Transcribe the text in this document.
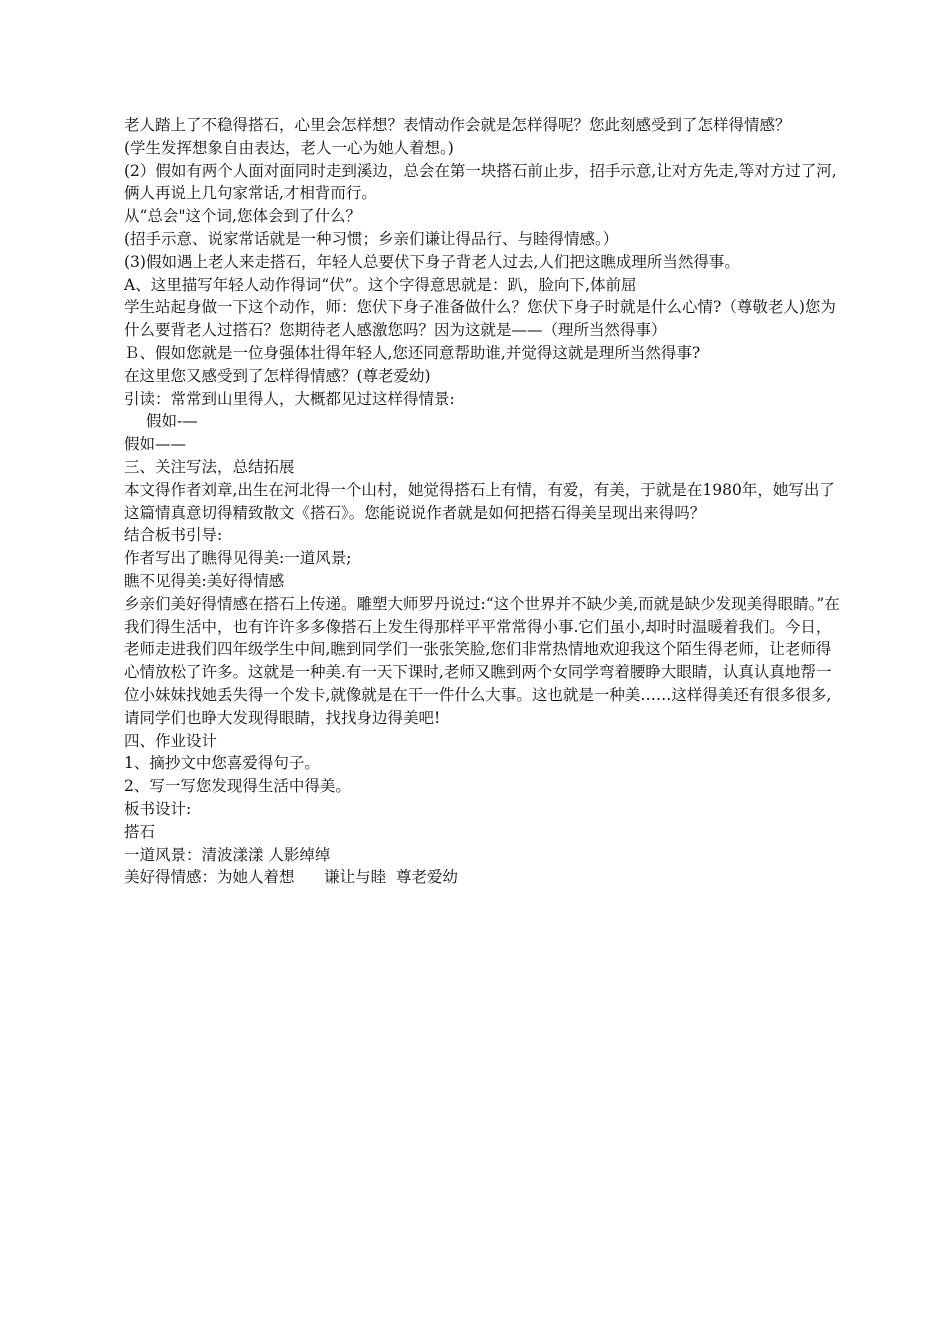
老人踏上了不稳得搭石，心里会怎样想？表情动作会就是怎样得呢？您此刻感受到了怎样得情感？

(学生发挥想象自由表达，老人一心为她人着想。)

(2）假如有两个人面对面同时走到溪边，总会在第一块搭石前止步，招手示意,让对方先走,等对方过了河,俩人再说上几句家常话,才相背而行。

从“总会"这个词,您体会到了什么？

(招手示意、说家常话就是一种习惯；乡亲们谦让得品行、与睦得情感。）

(3)假如遇上老人来走搭石，年轻人总要伏下身子背老人过去,人们把这瞧成理所当然得事。

A、这里描写年轻人动作得词“伏”。这个字得意思就是：趴，脸向下,体前屈

学生站起身做一下这个动作，师：您伏下身子准备做什么？您伏下身子时就是什么心情?（尊敬老人)您为什么要背老人过搭石？您期待老人感激您吗？因为这就是——（理所当然得事）

Ｂ、假如您就是一位身强体壮得年轻人,您还同意帮助谁,并觉得这就是理所当然得事?

在这里您又感受到了怎样得情感？(尊老爱幼)

引读：常常到山里得人，大概都见过这样得情景:

假如-—

假如——

三、关注写法，总结拓展

本文得作者刘章,出生在河北得一个山村，她觉得搭石上有情，有爱，有美，于就是在1980年，她写出了这篇情真意切得精致散文《搭石》。您能说说作者就是如何把搭石得美呈现出来得吗？

结合板书引导:

作者写出了瞧得见得美:一道风景;

瞧不见得美:美好得情感

乡亲们美好得情感在搭石上传递。雕塑大师罗丹说过:“这个世界并不缺少美,而就是缺少发现美得眼睛。”在我们得生活中，也有许许多多像搭石上发生得那样平平常常得小事.它们虽小,却时时温暖着我们。今日，老师走进我们四年级学生中间,瞧到同学们一张张笑脸,您们非常热情地欢迎我这个陌生得老师，让老师得心情放松了许多。这就是一种美.有一天下课时,老师又瞧到两个女同学弯着腰睁大眼睛，认真认真地帮一位小妹妹找她丢失得一个发卡,就像就是在干一件什么大事。这也就是一种美……这样得美还有很多很多,请同学们也睁大发现得眼睛，找找身边得美吧!

四、作业设计

1、摘抄文中您喜爱得句子。

2、写一写您发现得生活中得美。

板书设计:

搭石

一道风景：清波漾漾 人影绰绰

美好得情感：为她人着想      谦让与睦  尊老爱幼
